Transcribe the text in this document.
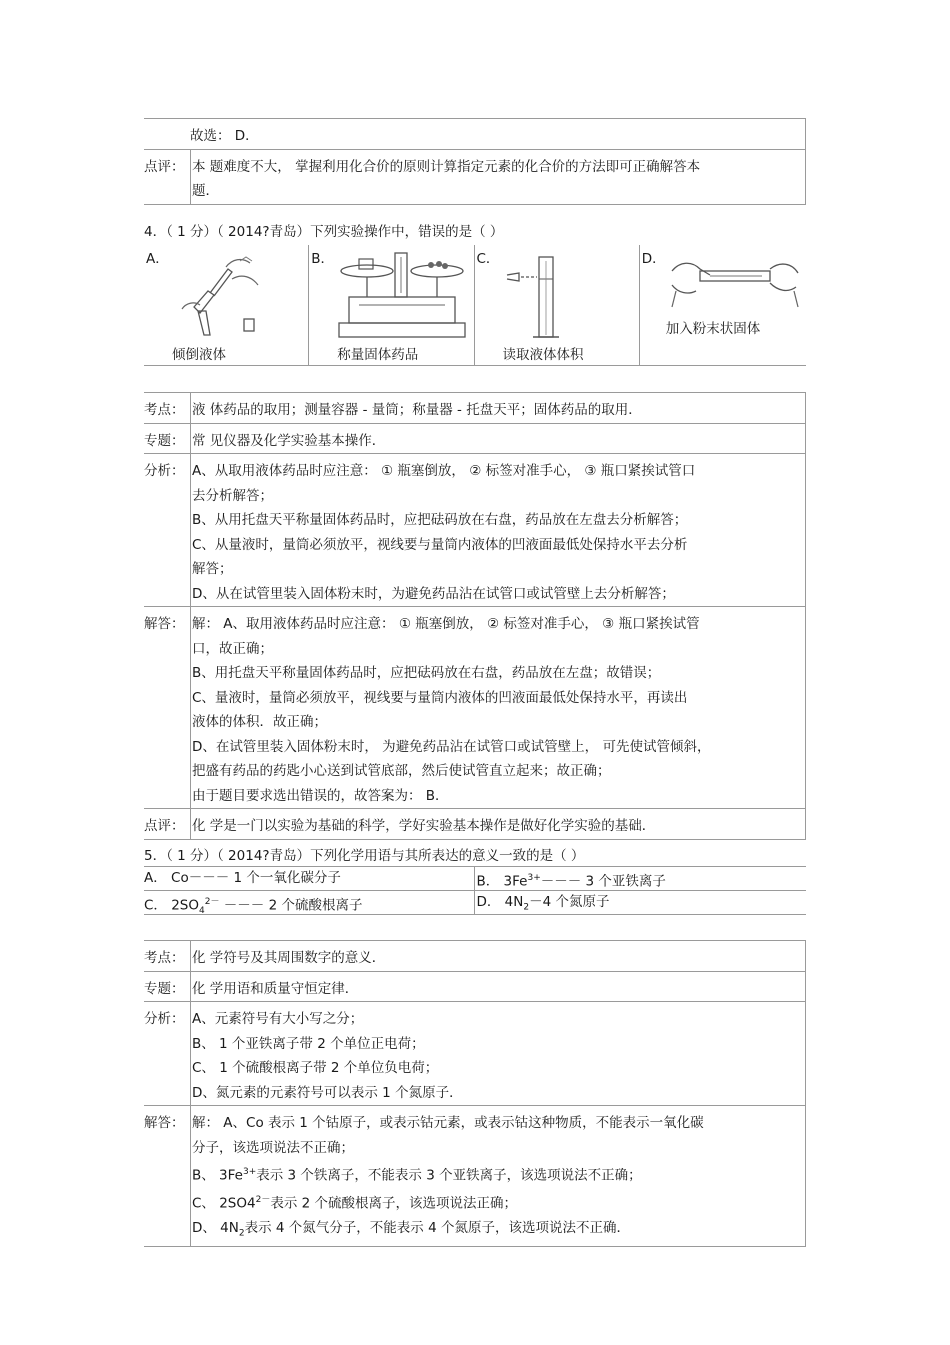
故选： D．
点评： 本 题难度不大， 掌握利用化合价的原则计算指定元素的化合价的方法即可正确解答本
题．
4．（ 1 分）（ 2014?青岛）下列实验操作中，错误的是（ ）
A．
倾倒液体
B．
称量固体药品
C．
读取液体体积
D．
加入粉末状固体
考点： 液 体药品的取用；测量容器 - 量筒；称量器 - 托盘天平；固体药品的取用．
专题： 常 见仪器及化学实验基本操作．
分析： A、从取用液体药品时应注意： ① 瓶塞倒放， ② 标签对准手心， ③ 瓶口紧挨试管口
去分析解答；
B、从用托盘天平称量固体药品时，应把砝码放在右盘，药品放在左盘去分析解答；
C、从量液时，量筒必须放平，视线要与量筒内液体的凹液面最低处保持水平去分析
解答；
D、从在试管里装入固体粉末时，为避免药品沾在试管口或试管壁上去分析解答；
解答： 解： A、取用液体药品时应注意： ① 瓶塞倒放， ② 标签对准手心， ③ 瓶口紧挨试管
口，故正确；
B、用托盘天平称量固体药品时，应把砝码放在右盘，药品放在左盘；故错误；
C、量液时，量筒必须放平，视线要与量筒内液体的凹液面最低处保持水平，再读出
液体的体积．故正确；
D、在试管里装入固体粉末时， 为避免药品沾在试管口或试管壁上， 可先使试管倾斜，
把盛有药品的药匙小心送到试管底部，然后使试管直立起来；故正确；
由于题目要求选出错误的，故答案为： B．
点评： 化 学是一门以实验为基础的科学，学好实验基本操作是做好化学实验的基础．
5．（ 1 分）（ 2014?青岛）下列化学用语与其所表达的意义一致的是（ ）
A． Co－－－ 1 个一氧化碳分子	B． $3Fe^{3+}--- 3$ 个亚铁离子
C． $2SO_4^{2-}$ －－－ 2 个硫酸根离子	D． $4N_2-4$ 个氮原子
考点： 化 学符号及其周围数字的意义．
专题： 化 学用语和质量守恒定律．
分析： A、元素符号有大小写之分；
B、 1 个亚铁离子带 2 个单位正电荷；
C、 1 个硫酸根离子带 2 个单位负电荷；
D、氮元素的元素符号可以表示 1 个氮原子．
解答： 解： A、Co 表示 1 个钴原子，或表示钴元素，或表示钴这种物质，不能表示一氧化碳
分子，该选项说法不正确；
B、 $3Fe^{3+}$表示 3 个铁离子，不能表示 3 个亚铁离子，该选项说法不正确；
C、 $2SO4^{2-}$表示 2 个硫酸根离子，该选项说法正确；
D、 $4N_2$表示 4 个氮气分子，不能表示 4 个氮原子，该选项说法不正确．
